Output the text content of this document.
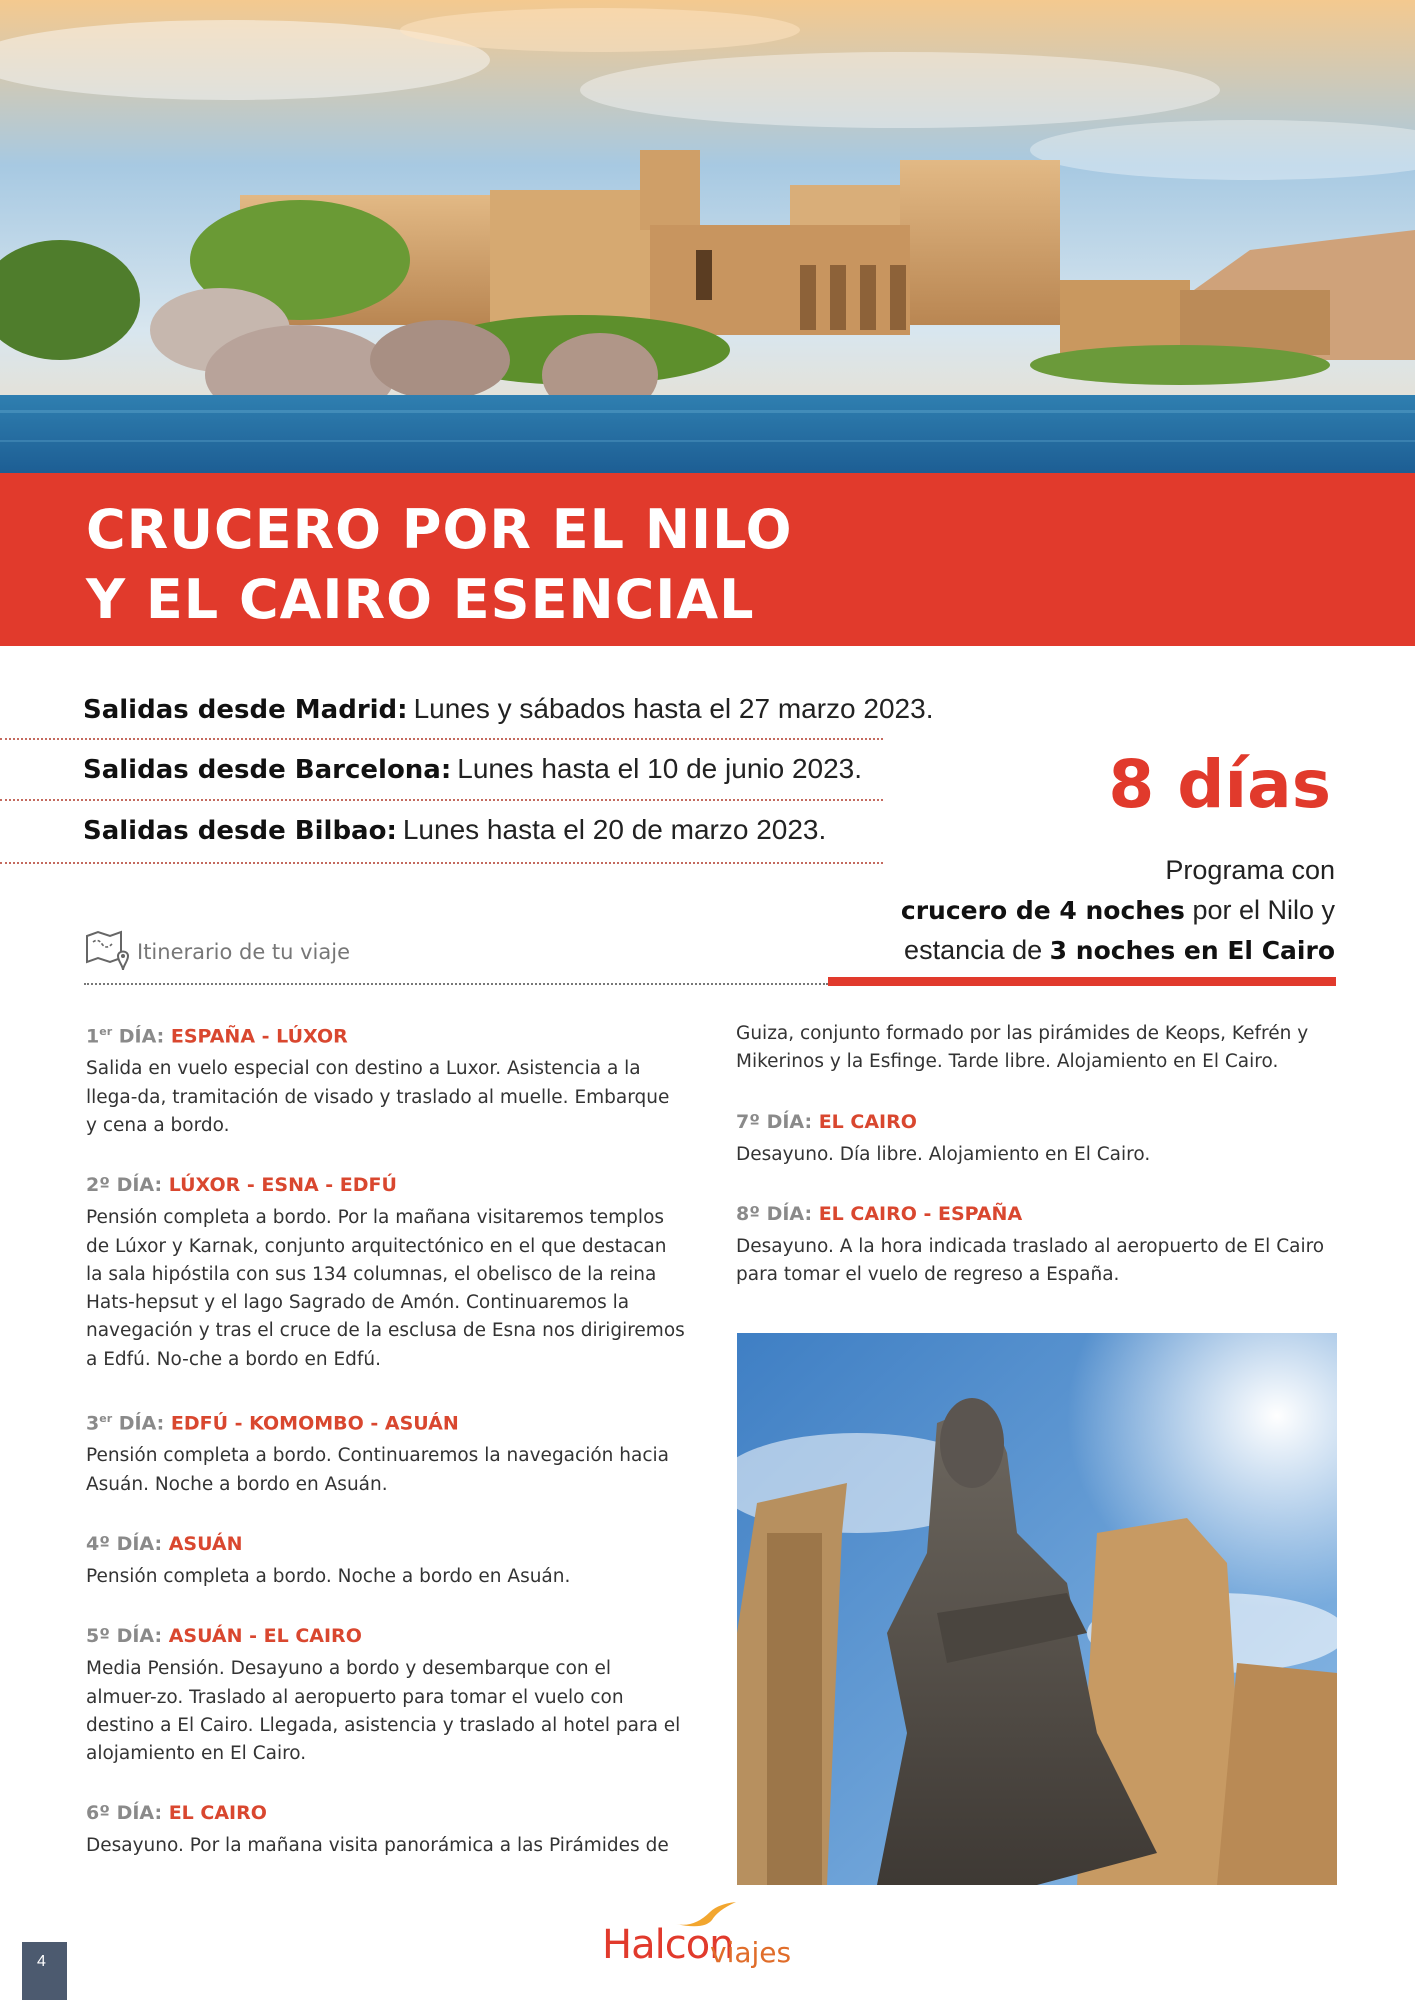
CRUCERO POR EL NILO
Y EL CAIRO ESENCIAL
Salidas desde Madrid: Lunes y sábados hasta el 27 marzo 2023.
Salidas desde Barcelona: Lunes hasta el 10 de junio 2023.
Salidas desde Bilbao: Lunes hasta el 20 de marzo 2023.
8 días
Programa con
crucero de 4 noches por el Nilo y
estancia de 3 noches en El Cairo
Itinerario de tu viaje
1er DÍA: ESPAÑA - LÚXOR

Salida en vuelo especial con destino a Luxor. Asistencia a la llega-da, tramitación de visado y traslado al muelle. Embarque y cena a bordo.

2º DÍA: LÚXOR - ESNA - EDFÚ

Pensión completa a bordo. Por la mañana visitaremos templos de Lúxor y Karnak, conjunto arquitectónico en el que destacan la sala hipóstila con sus 134 columnas, el obelisco de la reina Hats-hepsut y el lago Sagrado de Amón. Continuaremos la navegación y tras el cruce de la esclusa de Esna nos dirigiremos a Edfú. No-che a bordo en Edfú.

3er DÍA: EDFÚ - KOMOMBO - ASUÁN

Pensión completa a bordo. Continuaremos la navegación hacia Asuán. Noche a bordo en Asuán.

4º DÍA: ASUÁN

Pensión completa a bordo. Noche a bordo en Asuán.

5º DÍA: ASUÁN - EL CAIRO

Media Pensión. Desayuno a bordo y desembarque con el almuer-zo. Traslado al aeropuerto para tomar el vuelo con destino a El Cairo. Llegada, asistencia y traslado al hotel para el alojamiento en El Cairo.

6º DÍA: EL CAIRO

Desayuno. Por la mañana visita panorámica a las Pirámides de

Guiza, conjunto formado por las pirámides de Keops, Kefrén y Mikerinos y la Esfinge. Tarde libre. Alojamiento en El Cairo.

7º DÍA: EL CAIRO

Desayuno. Día libre. Alojamiento en El Cairo.

8º DÍA: EL CAIRO - ESPAÑA

Desayuno. A la hora indicada traslado al aeropuerto de El Cairo para tomar el vuelo de regreso a España.

4	Halcon
viajes
